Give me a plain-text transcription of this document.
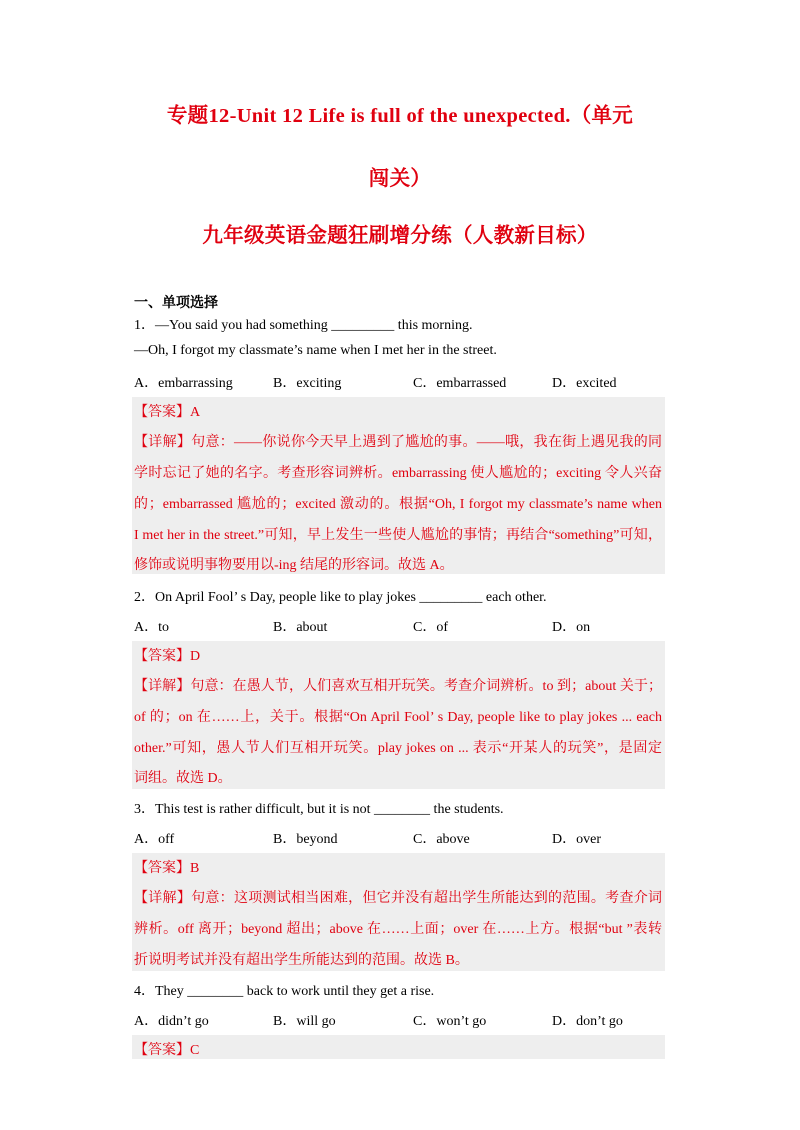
专题12-Unit 12 Life is full of the unexpected.（单元
闯关）
九年级英语金题狂刷增分练（人教新目标）
一、单项选择
1．—You said you had something _________ this morning.
—Oh, I forgot my classmate’s name when I met her in the street.
A．embarrassing	B．exciting	C．embarrassed	D．excited
【答案】A
【详解】句意：——你说你今天早上遇到了尴尬的事。——哦，我在街上遇见我的同
学时忘记了她的名字。考查形容词辨析。embarrassing 使人尴尬的；exciting 令人兴奋
的；embarrassed 尴尬的；excited 激动的。根据“Oh, I forgot my classmate’s name when
I met her in the street.”可知，早上发生一些使人尴尬的事情；再结合“something”可知，
修饰或说明事物要用以-ing 结尾的形容词。故选 A。
2．On April Fool’ s Day, people like to play jokes _________ each other.
A．to	B．about	C．of	D．on
【答案】D
【详解】句意：在愚人节，人们喜欢互相开玩笑。考查介词辨析。to 到；about 关于；
of 的；on 在……上，关于。根据“On April Fool’ s Day, people like to play jokes ... each
other.”可知，愚人节人们互相开玩笑。play jokes on ... 表示“开某人的玩笑”，是固定
词组。故选 D。
3．This test is rather difficult, but it is not ________ the students.
A．off	B．beyond	C．above	D．over
【答案】B
【详解】句意：这项测试相当困难，但它并没有超出学生所能达到的范围。考查介词
辨析。off 离开；beyond 超出；above 在……上面；over 在……上方。根据“but ”表转
折说明考试并没有超出学生所能达到的范围。故选 B。
4．They ________ back to work until they get a rise.
A．didn’t go	B．will go	C．won’t go	D．don’t go
【答案】C
